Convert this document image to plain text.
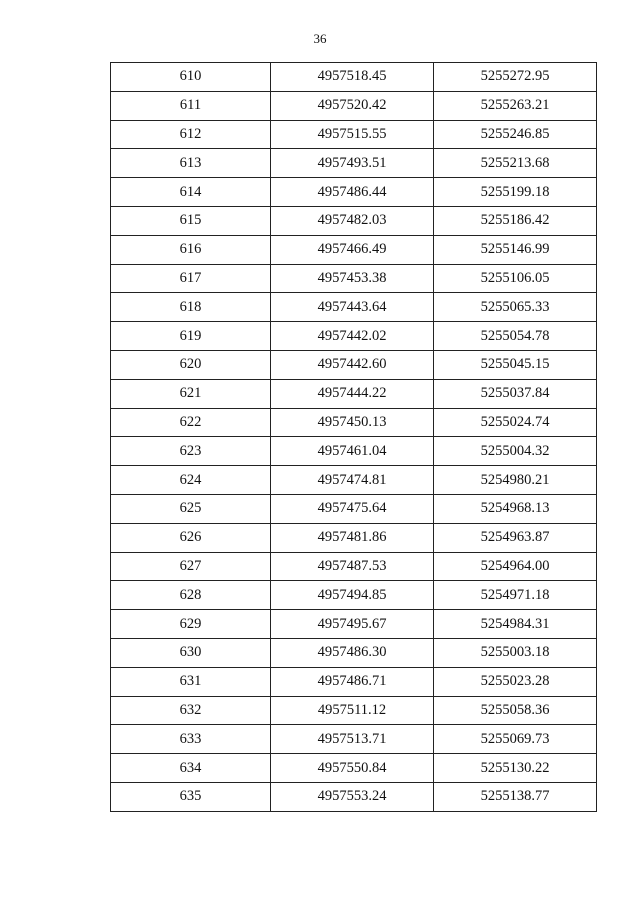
36
610	4957518.45	5255272.95
611	4957520.42	5255263.21
612	4957515.55	5255246.85
613	4957493.51	5255213.68
614	4957486.44	5255199.18
615	4957482.03	5255186.42
616	4957466.49	5255146.99
617	4957453.38	5255106.05
618	4957443.64	5255065.33
619	4957442.02	5255054.78
620	4957442.60	5255045.15
621	4957444.22	5255037.84
622	4957450.13	5255024.74
623	4957461.04	5255004.32
624	4957474.81	5254980.21
625	4957475.64	5254968.13
626	4957481.86	5254963.87
627	4957487.53	5254964.00
628	4957494.85	5254971.18
629	4957495.67	5254984.31
630	4957486.30	5255003.18
631	4957486.71	5255023.28
632	4957511.12	5255058.36
633	4957513.71	5255069.73
634	4957550.84	5255130.22
635	4957553.24	5255138.77
